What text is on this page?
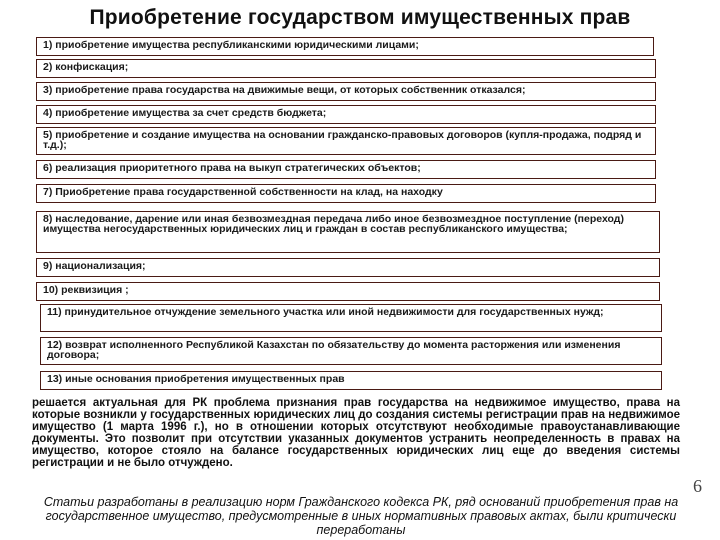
Приобретение государством имущественных прав
1) приобретение имущества республиканскими юридическими лицами;
2) конфискация;
3) приобретение права государства на движимые вещи, от которых собственник отказался;
4) приобретение имущества за счет средств бюджета;
5) приобретение и создание имущества на основании гражданско-правовых договоров (купля-продажа, подряд и т.д.);
6) реализация приоритетного права на выкуп стратегических объектов;
7) Приобретение права государственной собственности на клад, на находку
8) наследование, дарение или иная безвозмездная передача либо иное безвозмездное поступление (переход) имущества негосударственных юридических лиц и граждан в состав республиканского имущества;
9) национализация;
10) реквизиция ;
11) принудительное отчуждение земельного участка или иной недвижимости для государственных нужд;
12) возврат исполненного Республикой Казахстан по обязательству до момента расторжения или изменения договора;
13) иные основания приобретения имущественных прав
решается актуальная для РК проблема признания прав государства на недвижимое имущество, права на которые возникли у государственных юридических лиц до создания системы регистрации прав на недвижимое имущество (1 марта 1996 г.), но в отношении которых отсутствуют необходимые правоустанавливающие документы. Это позволит при отсутствии указанных документов устранить неопределенность в правах на имущество, которое стояло на балансе государственных юридических лиц еще до введения системы регистрации и не было отчуждено.
6
Статьи разработаны в реализацию норм Гражданского кодекса РК, ряд оснований приобретения прав на государственное имущество, предусмотренные в иных нормативных правовых актах, были критически переработаны
